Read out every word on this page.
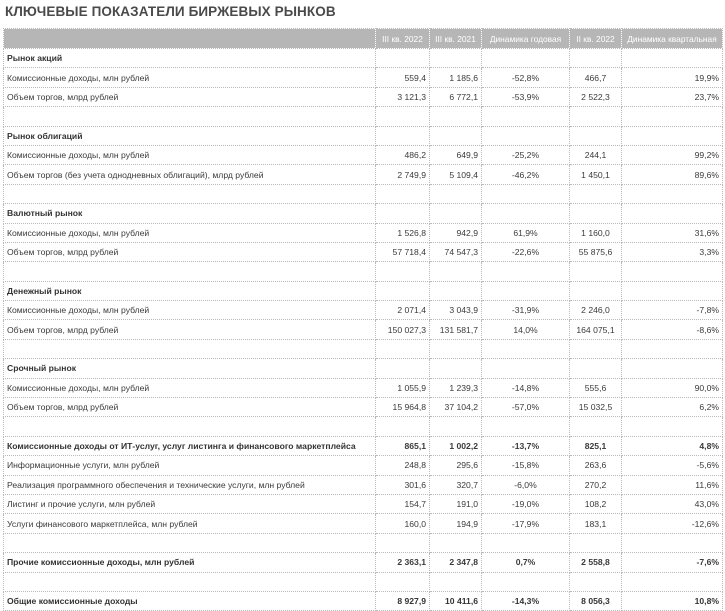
КЛЮЧЕВЫЕ ПОКАЗАТЕЛИ БИРЖЕВЫХ РЫНКОВ
	III кв. 2022	III кв. 2021	Динамика годовая	II кв. 2022	Динамика квартальная
Рынок акций					
Комиссионные доходы, млн рублей	559,4	1 185,6	-52,8%	466,7	19,9%
Объем торгов, млрд рублей	3 121,3	6 772,1	-53,9%	2 522,3	23,7%

Рынок облигаций					
Комиссионные доходы, млн рублей	486,2	649,9	-25,2%	244,1	99,2%
Объем торгов (без учета однодневных облигаций), млрд рублей	2 749,9	5 109,4	-46,2%	1 450,1	89,6%

Валютный рынок					
Комиссионные доходы, млн рублей	1 526,8	942,9	61,9%	1 160,0	31,6%
Объем торгов, млрд рублей	57 718,4	74 547,3	-22,6%	55 875,6	3,3%

Денежный рынок					
Комиссионные доходы, млн рублей	2 071,4	3 043,9	-31,9%	2 246,0	-7,8%
Объем торгов, млрд рублей	150 027,3	131 581,7	14,0%	164 075,1	-8,6%

Срочный рынок					
Комиссионные доходы, млн рублей	1 055,9	1 239,3	-14,8%	555,6	90,0%
Объем торгов, млрд рублей	15 964,8	37 104,2	-57,0%	15 032,5	6,2%

Комиссионные доходы от ИТ-услуг, услуг листинга и финансового маркетплейса	865,1	1 002,2	-13,7%	825,1	4,8%
Информационные услуги, млн рублей	248,8	295,6	-15,8%	263,6	-5,6%
Реализация программного обеспечения и технические услуги, млн рублей	301,6	320,7	-6,0%	270,2	11,6%
Листинг и прочие услуги, млн рублей	154,7	191,0	-19,0%	108,2	43,0%
Услуги финансового маркетплейса, млн рублей	160,0	194,9	-17,9%	183,1	-12,6%

Прочие комиссионные доходы, млн рублей	2 363,1	2 347,8	0,7%	2 558,8	-7,6%

Общие комиссионные доходы	8 927,9	10 411,6	-14,3%	8 056,3	10,8%
